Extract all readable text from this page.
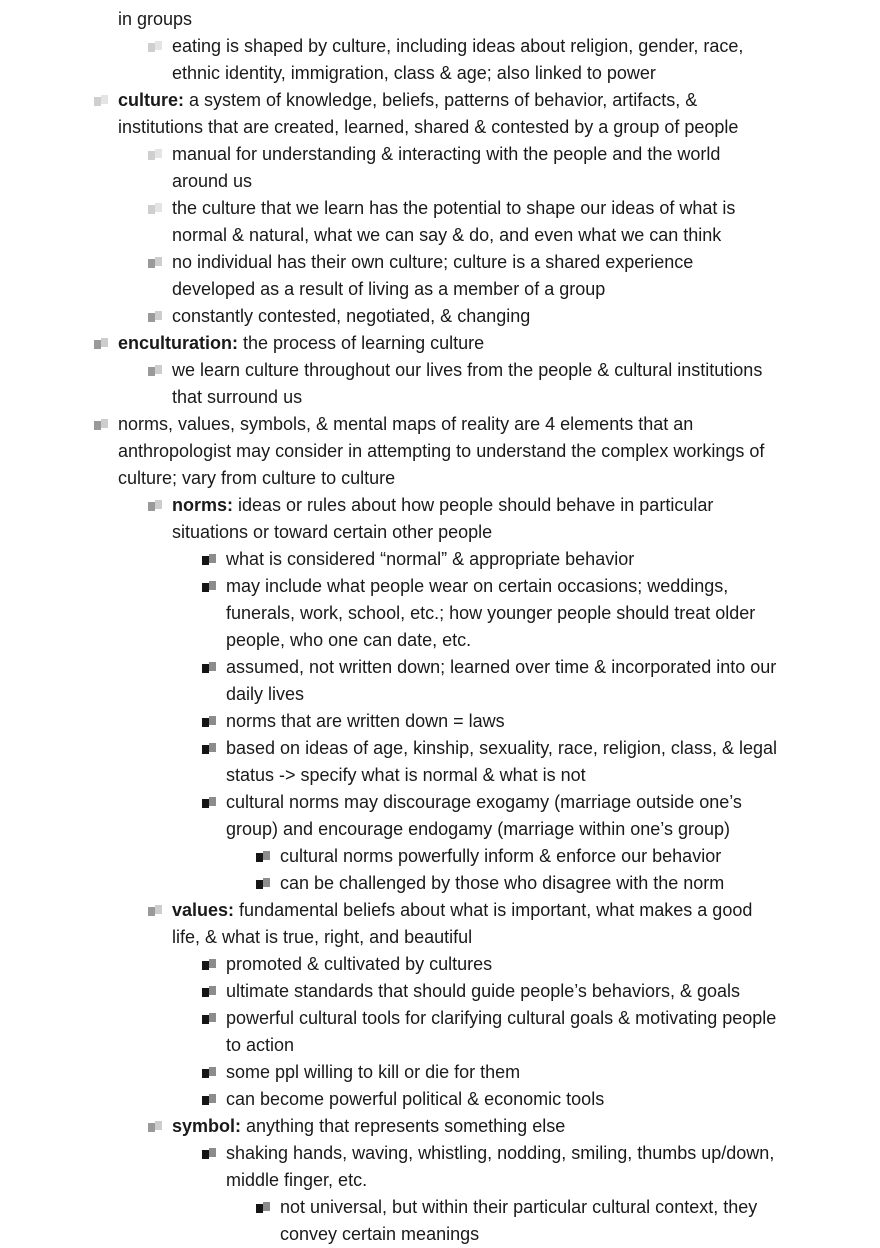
in groups
eating is shaped by culture, including ideas about religion, gender, race,
ethnic identity, immigration, class & age; also linked to power
culture: a system of knowledge, beliefs, patterns of behavior, artifacts, &
institutions that are created, learned, shared & contested by a group of people
manual for understanding & interacting with the people and the world
around us
the culture that we learn has the potential to shape our ideas of what is
normal & natural, what we can say & do, and even what we can think
no individual has their own culture; culture is a shared experience
developed as a result of living as a member of a group
constantly contested, negotiated, & changing
enculturation: the process of learning culture
we learn culture throughout our lives from the people & cultural institutions
that surround us
norms, values, symbols, & mental maps of reality are 4 elements that an
anthropologist may consider in attempting to understand the complex workings of
culture; vary from culture to culture
norms: ideas or rules about how people should behave in particular
situations or toward certain other people
what is considered “normal” & appropriate behavior
may include what people wear on certain occasions; weddings,
funerals, work, school, etc.; how younger people should treat older
people, who one can date, etc.
assumed, not written down; learned over time & incorporated into our
daily lives
norms that are written down = laws
based on ideas of age, kinship, sexuality, race, religion, class, & legal
status -> specify what is normal & what is not
cultural norms may discourage exogamy (marriage outside one’s
group) and encourage endogamy (marriage within one’s group)
cultural norms powerfully inform & enforce our behavior
can be challenged by those who disagree with the norm
values: fundamental beliefs about what is important, what makes a good
life, & what is true, right, and beautiful
promoted & cultivated by cultures
ultimate standards that should guide people’s behaviors, & goals
powerful cultural tools for clarifying cultural goals & motivating people
to action
some ppl willing to kill or die for them
can become powerful political & economic tools
symbol: anything that represents something else
shaking hands, waving, whistling, nodding, smiling, thumbs up/down,
middle finger, etc.
not universal, but within their particular cultural context, they
convey certain meanings
